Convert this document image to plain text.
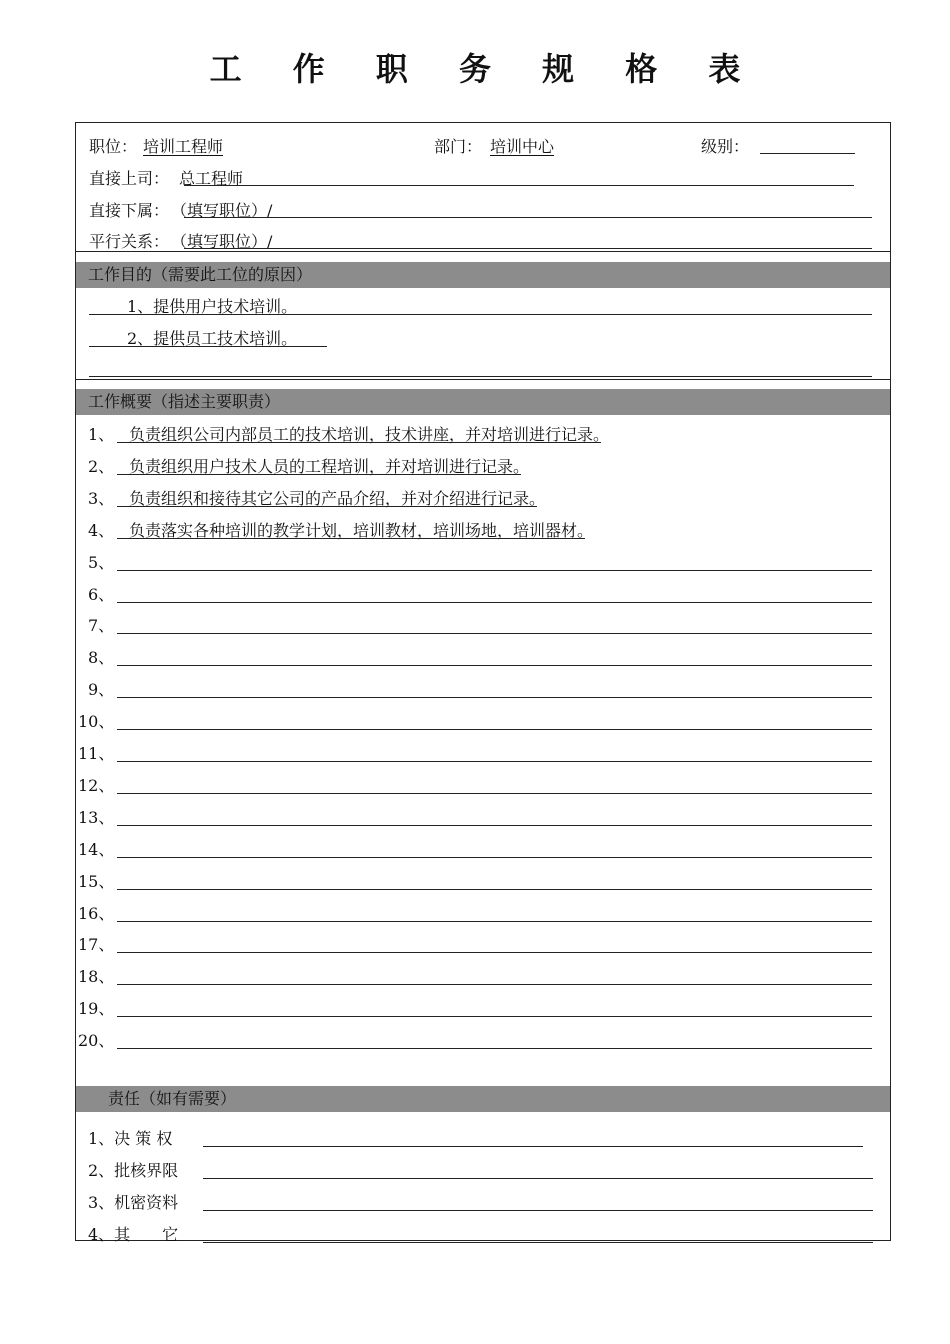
工 作 职 务 规 格 表
职位： 培训工程师	部门： 培训中心	级别：
直接上司： 总工程师
直接下属： （填写职位）/
平行关系： （填写职位）/
工作目的（需要此工位的原因）
1、提供用户技术培训。
2、提供员工技术培训。
工作概要（指述主要职责）
1、 负责组织公司内部员工的技术培训，技术讲座，并对培训进行记录。
2、 负责组织用户技术人员的工程培训，并对培训进行记录。
3、 负责组织和接待其它公司的产品介绍，并对介绍进行记录。
4、 负责落实各种培训的教学计划，培训教材，培训场地，培训器材。
5、
6、
7、
8、
9、
10、
11、
12、
13、
14、
15、
16、
17、
18、
19、
20、
责任（如有需要）
1、决 策 权
2、批核界限
3、机密资料
4、其　　它
